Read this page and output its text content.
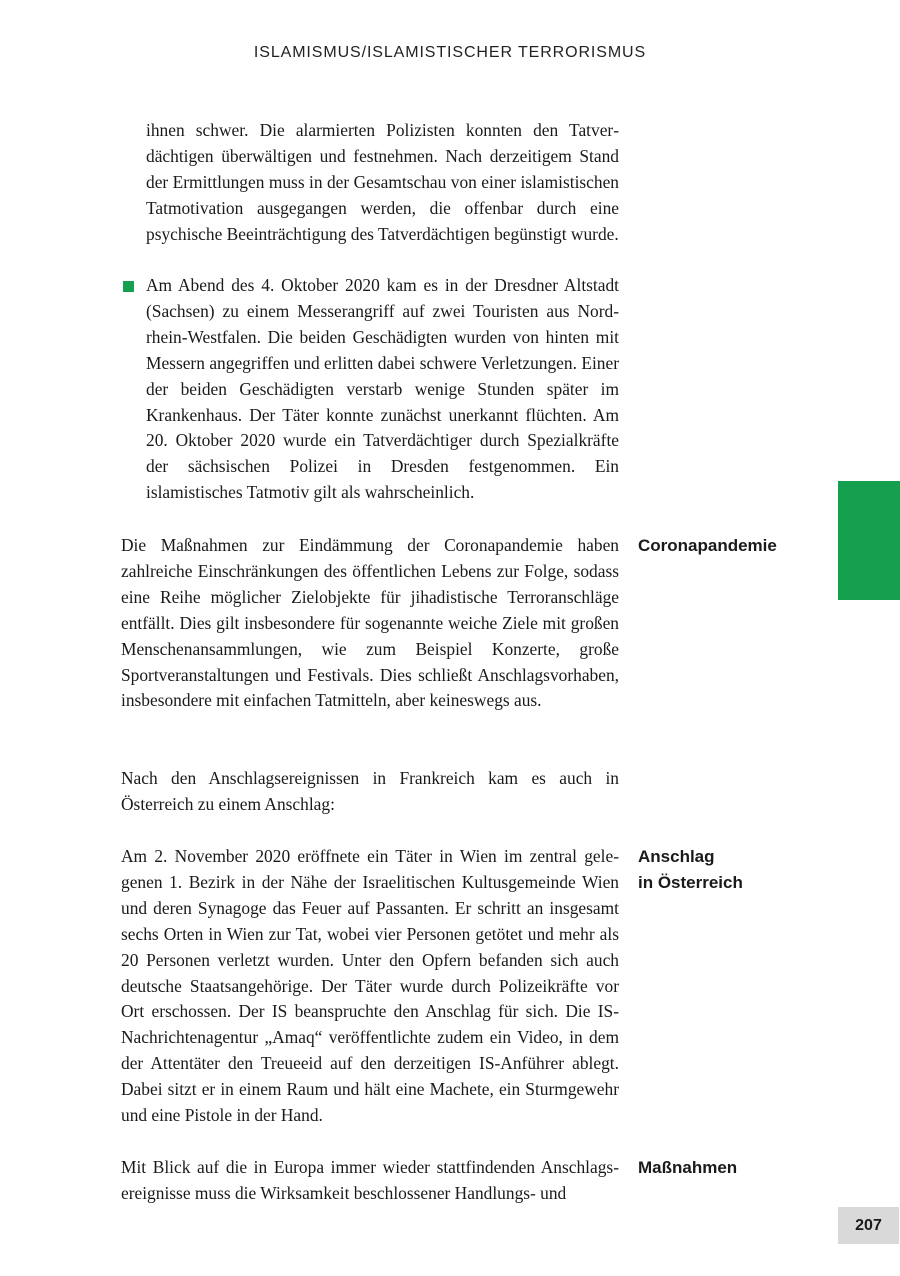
ISLAMISMUS/ISLAMISTISCHER TERRORISMUS

ihnen schwer. Die alarmierten Polizisten konnten den Tatverdächtigen überwältigen und festnehmen. Nach derzeitigem Stand der Ermittlungen muss in der Gesamtschau von einer islamistischen Tatmotivation ausgegangen werden, die offenbar durch eine psychische Beeinträchtigung des Tatverdächtigen begünstigt wurde.

Am Abend des 4. Oktober 2020 kam es in der Dresdner Altstadt (Sachsen) zu einem Messerangriff auf zwei Touristen aus Nordrhein-Westfalen. Die beiden Geschädigten wurden von hinten mit Messern angegriffen und erlitten dabei schwere Verletzungen. Einer der beiden Geschädigten verstarb wenige Stunden später im Krankenhaus. Der Täter konnte zunächst unerkannt flüchten. Am 20. Oktober 2020 wurde ein Tatverdächtiger durch Spezialkräfte der sächsischen Polizei in Dresden festgenommen. Ein islamistisches Tatmotiv gilt als wahrscheinlich.

Die Maßnahmen zur Eindämmung der Coronapandemie haben zahlreiche Einschränkungen des öffentlichen Lebens zur Folge, sodass eine Reihe möglicher Zielobjekte für jihadistische Terroranschläge entfällt. Dies gilt insbesondere für sogenannte weiche Ziele mit großen Menschenansammlungen, wie zum Beispiel Konzerte, große Sportveranstaltungen und Festivals. Dies schließt Anschlagsvorhaben, insbesondere mit einfachen Tatmitteln, aber keineswegs aus.

Coronapandemie

Nach den Anschlagsereignissen in Frankreich kam es auch in Österreich zu einem Anschlag:

Am 2. November 2020 eröffnete ein Täter in Wien im zentral gelegenen 1. Bezirk in der Nähe der Israelitischen Kultusgemeinde Wien und deren Synagoge das Feuer auf Passanten. Er schritt an insgesamt sechs Orten in Wien zur Tat, wobei vier Personen getötet und mehr als 20 Personen verletzt wurden. Unter den Opfern befanden sich auch deutsche Staatsangehörige. Der Täter wurde durch Polizeikräfte vor Ort erschossen. Der IS beanspruchte den Anschlag für sich. Die IS-Nachrichtenagentur „Amaq“ veröffentlichte zudem ein Video, in dem der Attentäter den Treueeid auf den derzeitigen IS-Anführer ablegt. Dabei sitzt er in einem Raum und hält eine Machete, ein Sturmgewehr und eine Pistole in der Hand.

Anschlag
in Österreich

Mit Blick auf die in Europa immer wieder stattfindenden Anschlagsereignisse muss die Wirksamkeit beschlossener Handlungs- und

Maßnahmen

207
